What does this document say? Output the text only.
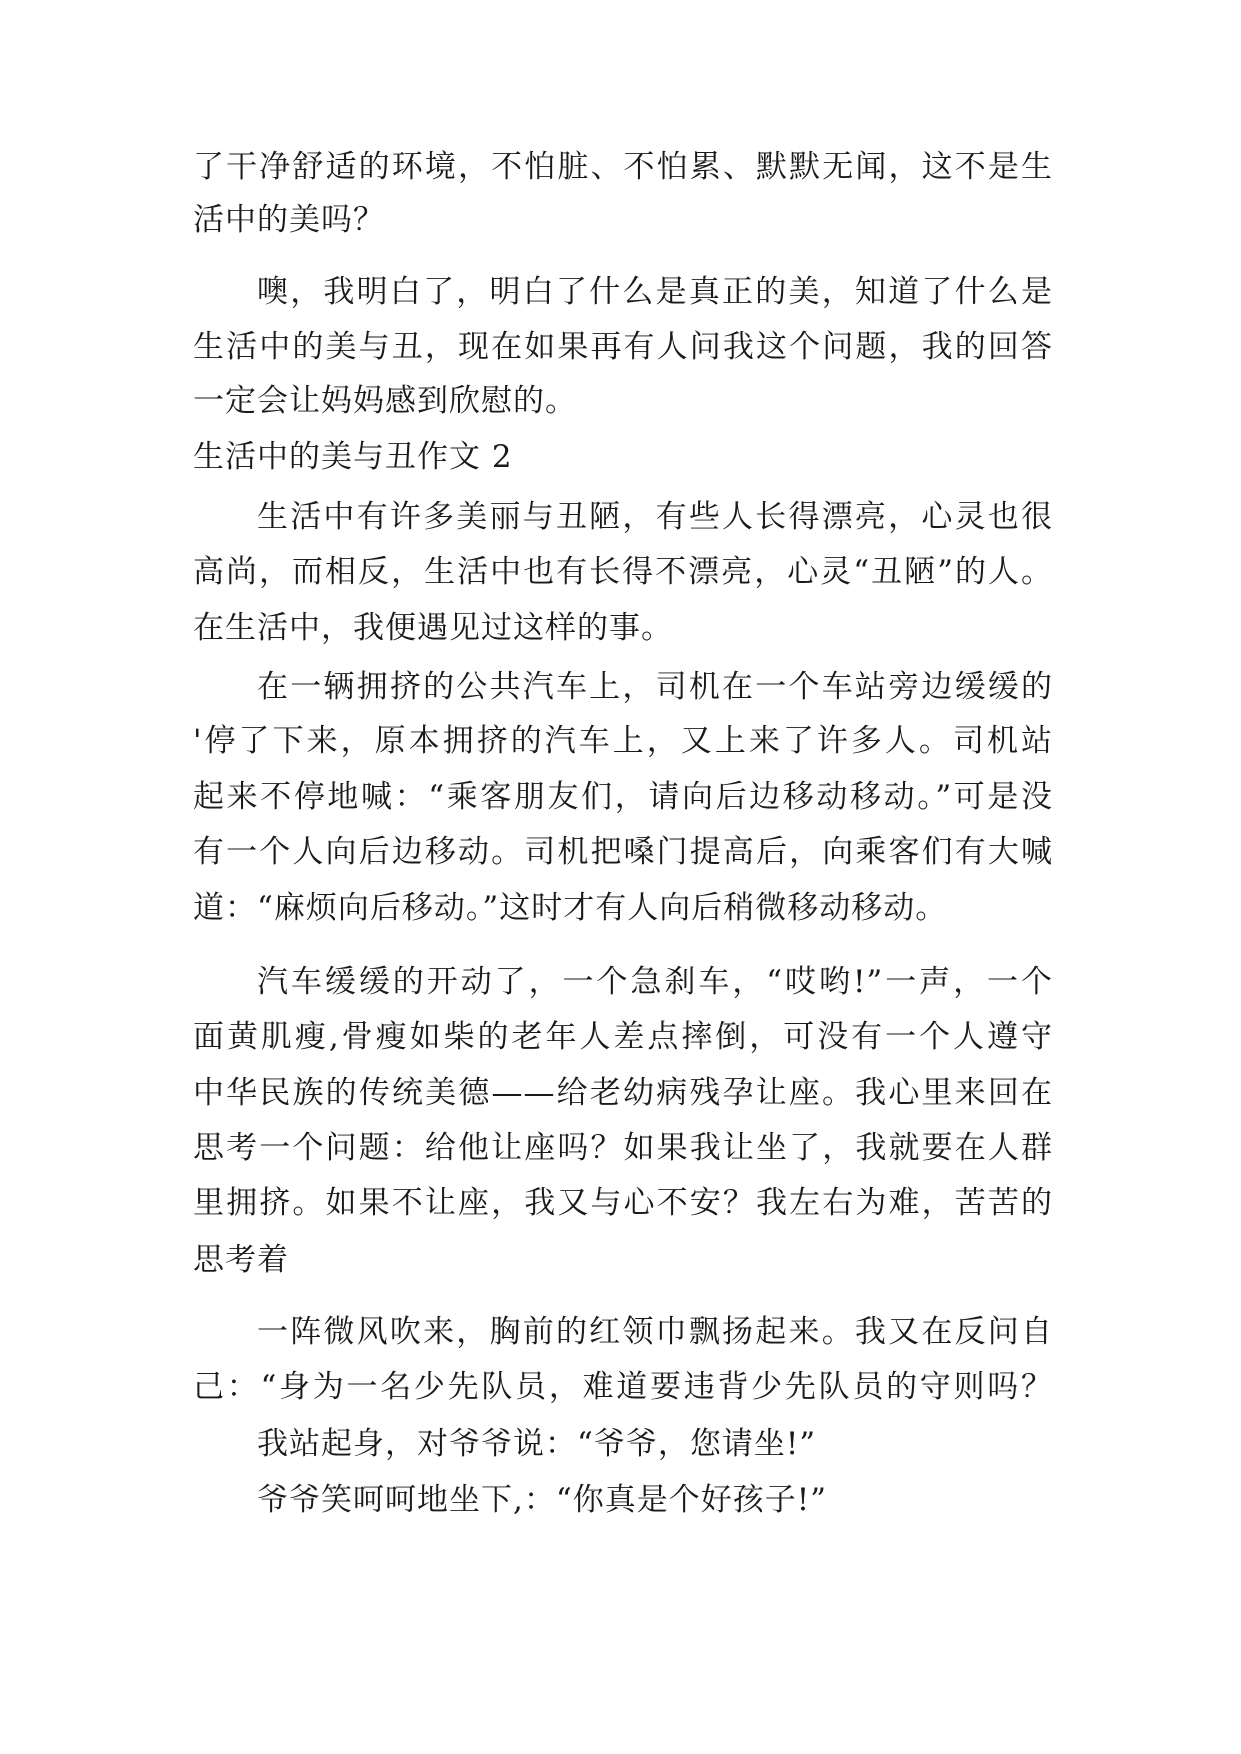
了干净舒适的环境，不怕脏、不怕累、默默无闻，这不是生
活中的美吗？
噢，我明白了，明白了什么是真正的美，知道了什么是
生活中的美与丑，现在如果再有人问我这个问题，我的回答
一定会让妈妈感到欣慰的。
生活中的美与丑作文 2
生活中有许多美丽与丑陋，有些人长得漂亮，心灵也很
高尚，而相反，生活中也有长得不漂亮，心灵“丑陋”的人。
在生活中，我便遇见过这样的事。
在一辆拥挤的公共汽车上，司机在一个车站旁边缓缓的
'停了下来，原本拥挤的汽车上，又上来了许多人。司机站
起来不停地喊：“乘客朋友们，请向后边移动移动。”可是没
有一个人向后边移动。司机把嗓门提高后，向乘客们有大喊
道：“麻烦向后移动。”这时才有人向后稍微移动移动。
汽车缓缓的开动了，一个急刹车，“哎哟!”一声，一个
面黄肌瘦,骨瘦如柴的老年人差点摔倒，可没有一个人遵守
中华民族的传统美德——给老幼病残孕让座。我心里来回在
思考一个问题：给他让座吗？如果我让坐了，我就要在人群
里拥挤。如果不让座，我又与心不安？我左右为难，苦苦的
思考着
一阵微风吹来，胸前的红领巾飘扬起来。我又在反问自
己：“身为一名少先队员，难道要违背少先队员的守则吗？
我站起身，对爷爷说：“爷爷，您请坐!”
爷爷笑呵呵地坐下,：“你真是个好孩子!”
